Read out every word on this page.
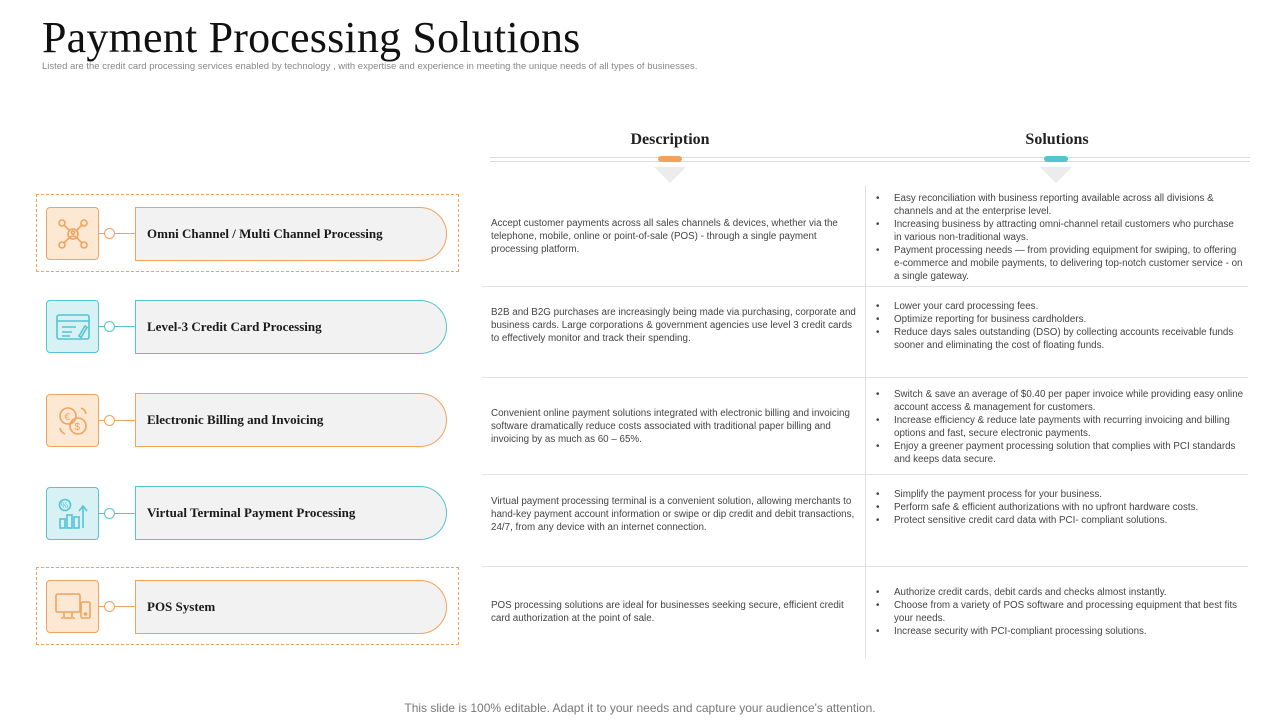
Payment Processing Solutions
Listed are the credit card processing services enabled by technology , with expertise and experience in meeting the unique needs of all types of businesses.
Description	Solutions
Omni Channel / Multi Channel Processing
Accept customer payments across all sales channels & devices, whether via the telephone, mobile, online or point-of-sale (POS) - through a single payment processing platform.
• Easy reconciliation with business reporting available across all divisions & channels and at the enterprise level.
• Increasing business by attracting omni-channel retail customers who purchase in various non-traditional ways.
• Payment processing needs — from providing equipment for swiping, to offering e-commerce and mobile payments, to delivering top-notch customer service - on a single gateway.
Level-3 Credit Card Processing
B2B and B2G purchases are increasingly being made via purchasing, corporate and business cards. Large corporations & government agencies use level 3 credit cards to effectively monitor and track their spending.
• Lower your card processing fees.
• Optimize reporting for business cardholders.
• Reduce days sales outstanding (DSO) by collecting accounts receivable funds sooner and eliminating the cost of floating funds.
€
$	Electronic Billing and Invoicing	Convenient online payment solutions integrated with electronic billing and invoicing software dramatically reduce costs associated with traditional paper billing and invoicing by as much as 60 – 65%.
• Switch & save an average of $0.40 per paper invoice while providing easy online account access & management for customers.
• Increase efficiency & reduce late payments with recurring invoicing and billing options and fast, secure electronic payments.
• Enjoy a greener payment processing solution that complies with PCI standards and keeps data secure.
%	Virtual Terminal Payment Processing
Virtual payment processing terminal is a convenient solution, allowing merchants to hand-key payment account information or swipe or dip credit and debit transactions, 24/7, from any device with an internet connection.
• Simplify the payment process for your business.
• Perform safe & efficient authorizations with no upfront hardware costs.
• Protect sensitive credit card data with PCI- compliant solutions.
POS System	POS processing solutions are ideal for businesses seeking secure, efficient credit card authorization at the point of sale.
• Authorize credit cards, debit cards and checks almost instantly.
• Choose from a variety of POS software and processing equipment that best fits your needs.
• Increase security with PCI-compliant processing solutions.
This slide is 100% editable. Adapt it to your needs and capture your audience's attention.
